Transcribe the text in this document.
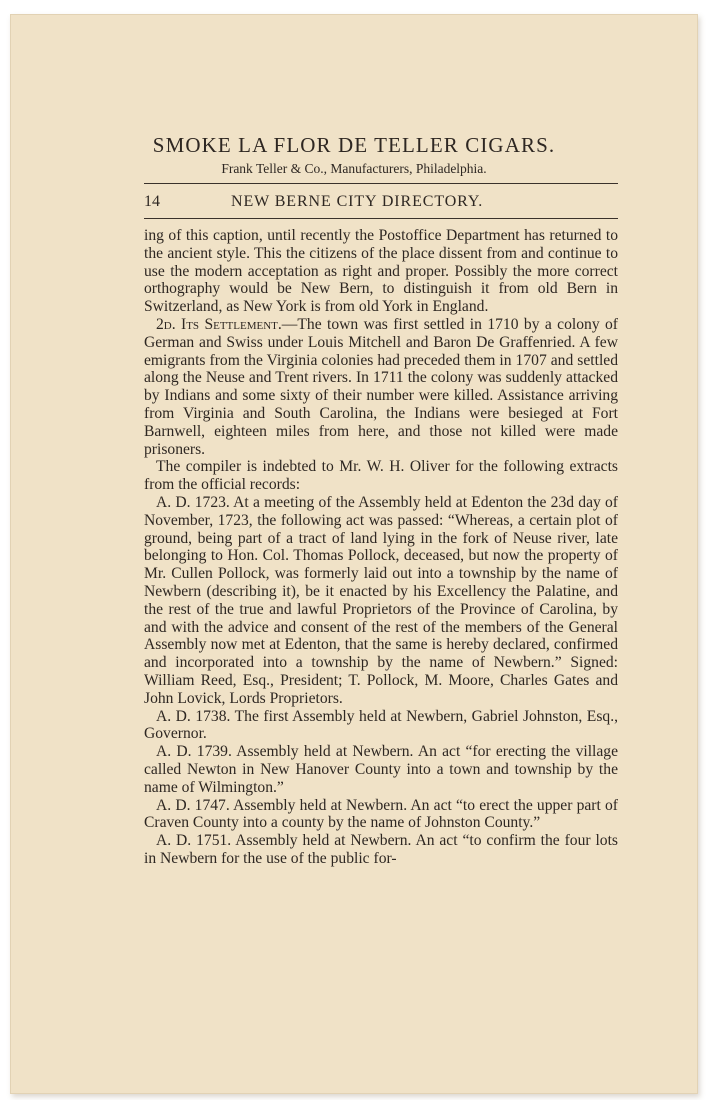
SMOKE LA FLOR DE TELLER CIGARS.
Frank Teller & Co., Manufacturers, Philadelphia.
14	NEW BERNE CITY DIRECTORY.

ing of this caption, until recently the Postoffice Department has returned to the ancient style. This the citizens of the place dissent from and continue to use the modern acceptation as right and proper. Possibly the more correct orthography would be New Bern, to distinguish it from old Bern in Switzerland, as New York is from old York in England.

2d. Its Settlement.—The town was first settled in 1710 by a colony of German and Swiss under Louis Mitchell and Baron De Graffenried. A few emigrants from the Virginia colonies had preceded them in 1707 and settled along the Neuse and Trent rivers. In 1711 the colony was suddenly attacked by Indians and some sixty of their number were killed. Assistance arriving from Virginia and South Carolina, the Indians were besieged at Fort Barnwell, eighteen miles from here, and those not killed were made prisoners.

The compiler is indebted to Mr. W. H. Oliver for the following extracts from the official records:

A. D. 1723. At a meeting of the Assembly held at Edenton the 23d day of November, 1723, the following act was passed: “Whereas, a certain plot of ground, being part of a tract of land lying in the fork of Neuse river, late belonging to Hon. Col. Thomas Pollock, deceased, but now the property of Mr. Cullen Pollock, was formerly laid out into a township by the name of Newbern (describing it), be it enacted by his Excellency the Palatine, and the rest of the true and lawful Proprietors of the Province of Carolina, by and with the advice and consent of the rest of the members of the General Assembly now met at Edenton, that the same is hereby declared, confirmed and incorporated into a township by the name of Newbern.” Signed: William Reed, Esq., President; T. Pollock, M. Moore, Charles Gates and John Lovick, Lords Proprietors.

A. D. 1738. The first Assembly held at Newbern, Gabriel Johnston, Esq., Governor.

A. D. 1739. Assembly held at Newbern. An act “for erecting the village called Newton in New Hanover County into a town and township by the name of Wilmington.”

A. D. 1747. Assembly held at Newbern. An act “to erect the upper part of Craven County into a county by the name of Johnston County.”

A. D. 1751. Assembly held at Newbern. An act “to confirm the four lots in Newbern for the use of the public for-
